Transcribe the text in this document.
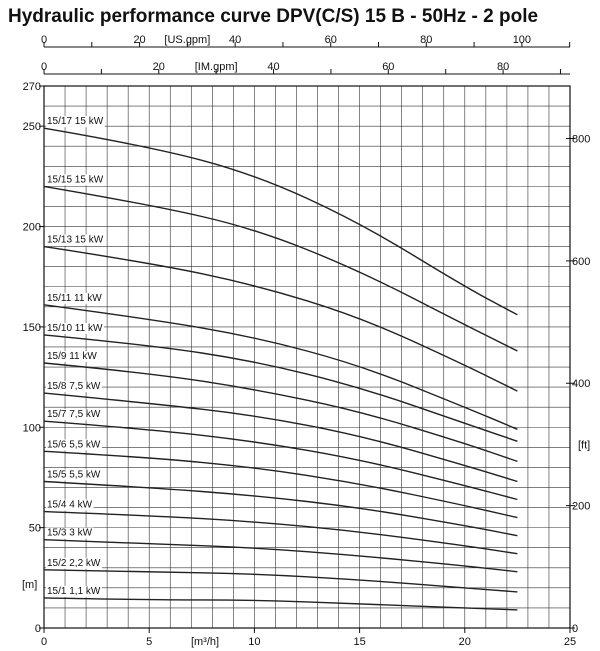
Hydraulic performance curve DPV(C/S) 15 B - 50Hz - 2 pole
15/17 15 kW
15/15 15 kW
15/13 15 kW
15/11 11 kW
15/10 11 kW
15/9 11 kW
15/8 7,5 kW
15/7 7,5 kW
15/6 5,5 kW
15/5 5,5 kW
15/4 4 kW
15/3 3 kW
15/2 2,2 kW
15/1 1,1 kW
0	5	10	15	20	25
[m³/h]
0
50
100
150
200
250
270
[m]
0
200
400
600
800
[ft]
0	20	40	60	80	100
[US.gpm]
0	20	40	60	80
[IM.gpm]
